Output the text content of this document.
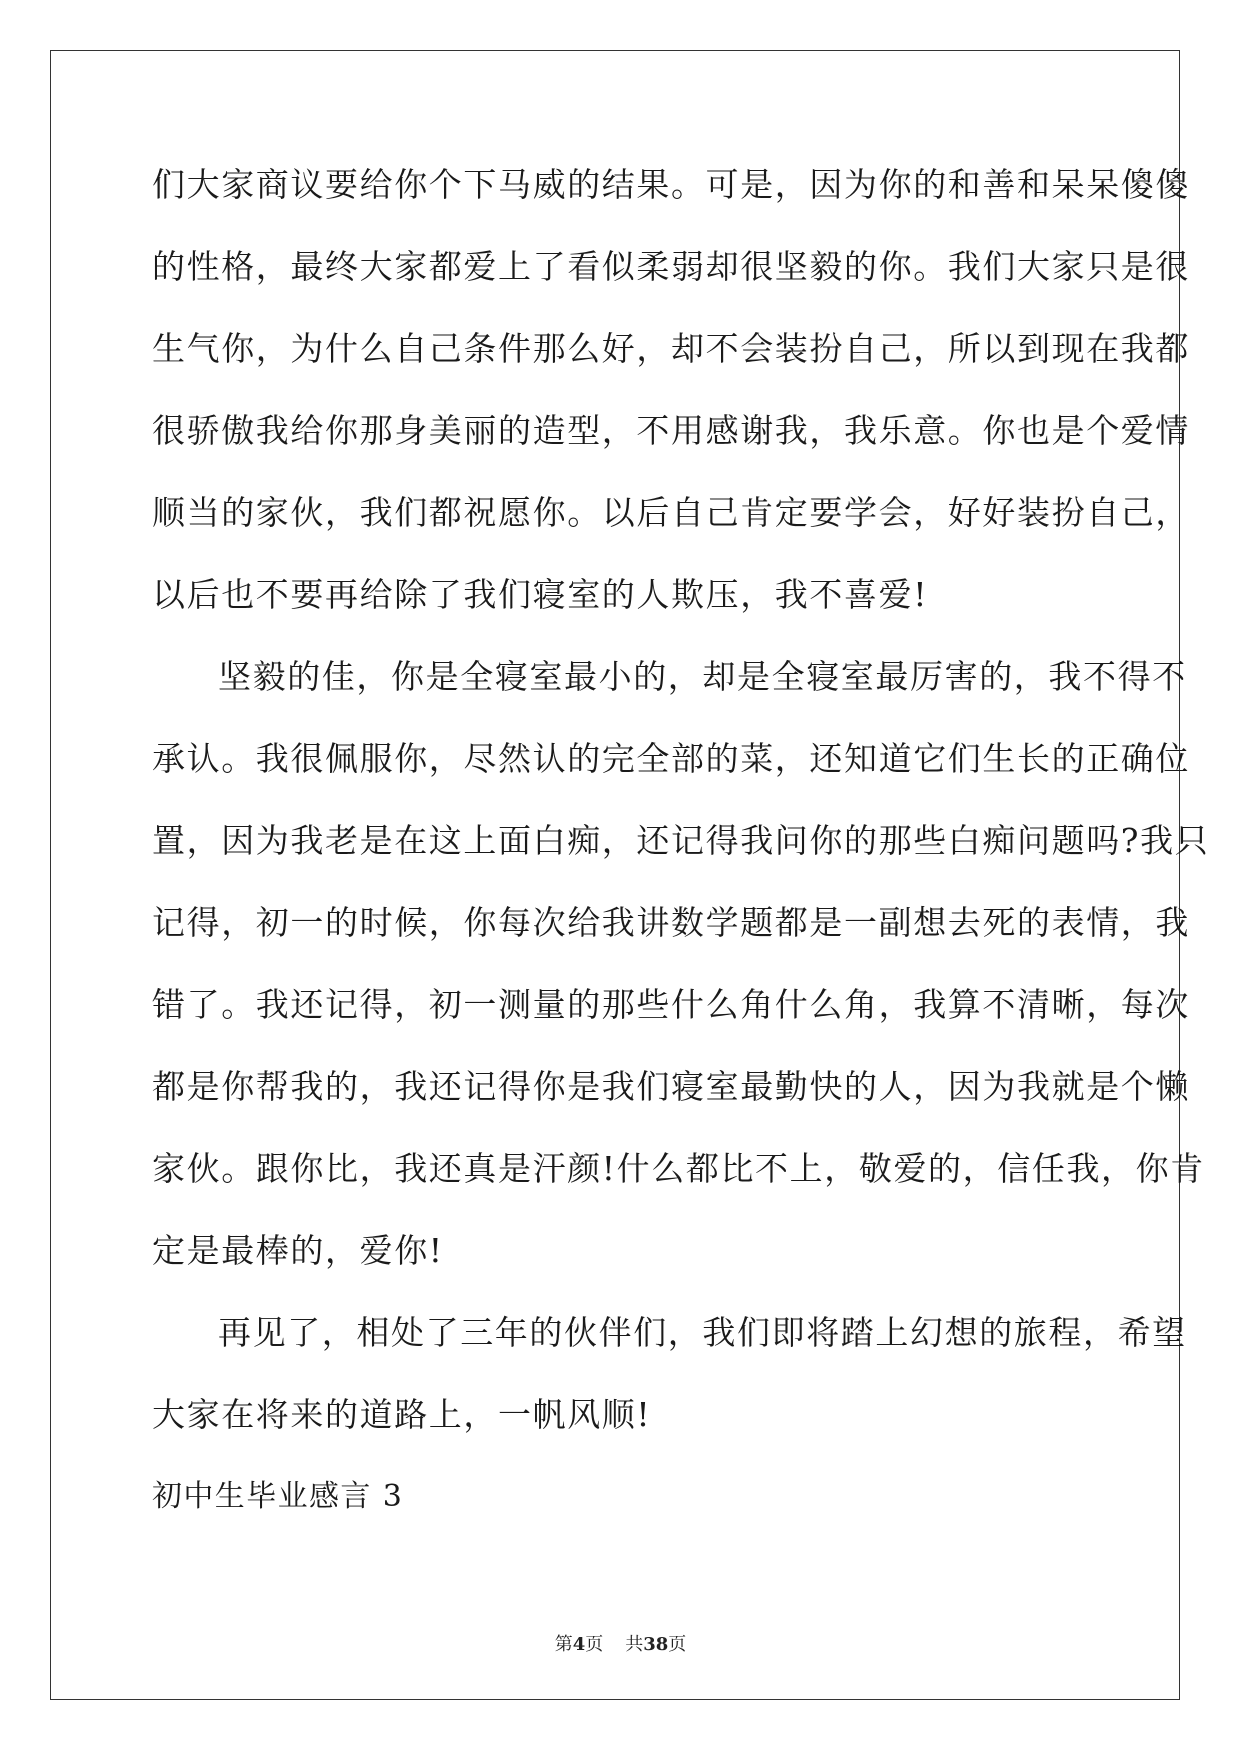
们大家商议要给你个下马威的结果。可是，因为你的和善和呆呆傻傻
的性格，最终大家都爱上了看似柔弱却很坚毅的你。我们大家只是很
生气你，为什么自己条件那么好，却不会装扮自己，所以到现在我都
很骄傲我给你那身美丽的造型，不用感谢我，我乐意。你也是个爱情
顺当的家伙，我们都祝愿你。以后自己肯定要学会，好好装扮自己，
以后也不要再给除了我们寝室的人欺压，我不喜爱!
坚毅的佳，你是全寝室最小的，却是全寝室最厉害的，我不得不
承认。我很佩服你，尽然认的完全部的菜，还知道它们生长的正确位
置，因为我老是在这上面白痴，还记得我问你的那些白痴问题吗?我只
记得，初一的时候，你每次给我讲数学题都是一副想去死的表情，我
错了。我还记得，初一测量的那些什么角什么角，我算不清晰，每次
都是你帮我的，我还记得你是我们寝室最勤快的人，因为我就是个懒
家伙。跟你比，我还真是汗颜!什么都比不上，敬爱的，信任我，你肯
定是最棒的，爱你!
再见了，相处了三年的伙伴们，我们即将踏上幻想的旅程，希望
大家在将来的道路上，一帆风顺!
初中生毕业感言 3
第4页 共38页
